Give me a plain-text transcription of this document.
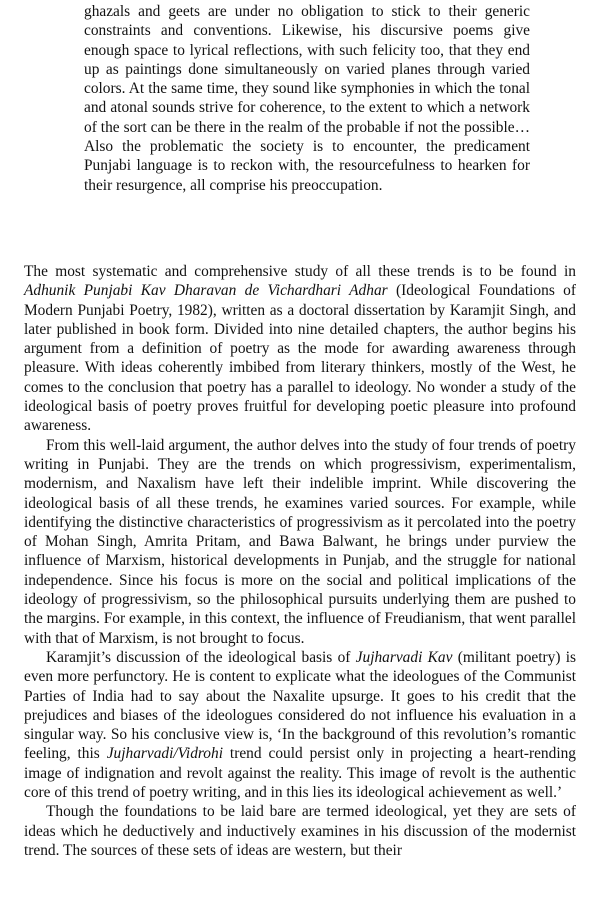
ghazals and geets are under no obligation to stick to their generic constraints and conventions. Likewise, his discursive poems give enough space to lyrical reflections, with such felicity too, that they end up as paintings done simultaneously on varied planes through varied colors. At the same time, they sound like symphonies in which the tonal and atonal sounds strive for coherence, to the extent to which a network of the sort can be there in the realm of the probable if not the possible…Also the problematic the society is to encounter, the predicament Punjabi language is to reckon with, the resourcefulness to hearken for their resurgence, all comprise his preoccupation.

The most systematic and comprehensive study of all these trends is to be found in Adhunik Punjabi Kav Dharavan de Vichardhari Adhar (Ideological Foundations of Modern Punjabi Poetry, 1982), written as a doctoral dissertation by Karamjit Singh, and later published in book form. Divided into nine detailed chapters, the author begins his argument from a definition of poetry as the mode for awarding awareness through pleasure. With ideas coherently imbibed from literary thinkers, mostly of the West, he comes to the conclusion that poetry has a parallel to ideology. No wonder a study of the ideological basis of poetry proves fruitful for developing poetic pleasure into profound awareness.

From this well-laid argument, the author delves into the study of four trends of poetry writing in Punjabi. They are the trends on which progressivism, experimentalism, modernism, and Naxalism have left their indelible imprint. While discovering the ideological basis of all these trends, he examines varied sources. For example, while identifying the distinctive characteristics of progressivism as it percolated into the poetry of Mohan Singh, Amrita Pritam, and Bawa Balwant, he brings under purview the influence of Marxism, historical developments in Punjab, and the struggle for national independence. Since his focus is more on the social and political implications of the ideology of progressivism, so the philosophical pursuits underlying them are pushed to the margins. For example, in this context, the influence of Freudianism, that went parallel with that of Marxism, is not brought to focus.

Karamjit’s discussion of the ideological basis of Jujharvadi Kav (militant poetry) is even more perfunctory. He is content to explicate what the ideologues of the Communist Parties of India had to say about the Naxalite upsurge. It goes to his credit that the prejudices and biases of the ideologues considered do not influence his evaluation in a singular way. So his conclusive view is, ‘In the background of this revolution’s romantic feeling, this Jujharvadi/Vidrohi trend could persist only in projecting a heart-rending image of indignation and revolt against the reality. This image of revolt is the authentic core of this trend of poetry writing, and in this lies its ideological achievement as well.’

Though the foundations to be laid bare are termed ideological, yet they are sets of ideas which he deductively and inductively examines in his discussion of the modernist trend. The sources of these sets of ideas are western, but their
